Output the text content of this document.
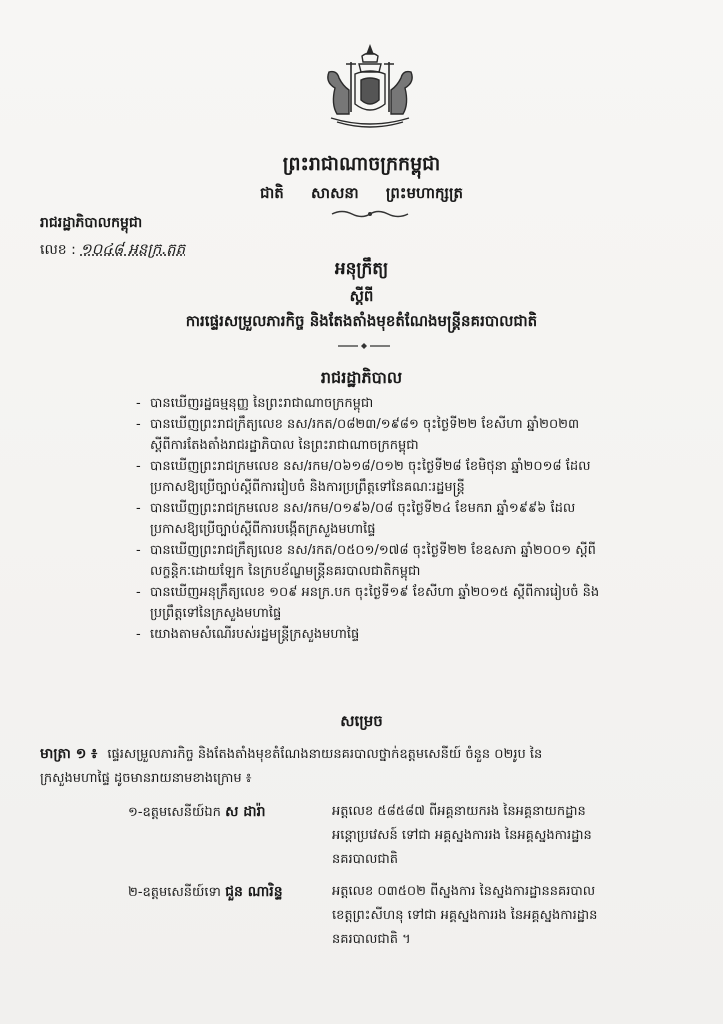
ព្រះរាជាណាចក្រកម្ពុជា
ជាតិ សាសនា ព្រះមហាក្សត្រ
រាជរដ្ឋាភិបាលកម្ពុជា
លេខ : ១០៤៨ អនក្រ.តត
អនុក្រឹត្យ
ស្តីពី
ការផ្ទេរសម្រួលភារកិច្ច និងតែងតាំងមុខតំណែងមន្ត្រីនគរបាលជាតិ
រាជរដ្ឋាភិបាល

- បានឃើញរដ្ឋធម្មនុញ្ញ នៃព្រះរាជាណាចក្រកម្ពុជា

- បានឃើញព្រះរាជក្រឹត្យលេខ នស/រកត/០៨២៣/១៩៨១ ចុះថ្ងៃទី២២ ខែសីហា ឆ្នាំ២០២៣

ស្តីពីការតែងតាំងរាជរដ្ឋាភិបាល នៃព្រះរាជាណាចក្រកម្ពុជា

- បានឃើញព្រះរាជក្រមលេខ នស/រកម/០៦១៨/០១២ ចុះថ្ងៃទី២៨ ខែមិថុនា ឆ្នាំ២០១៨ ដែល

ប្រកាសឱ្យប្រើច្បាប់ស្តីពីការរៀបចំ និងការប្រព្រឹត្តទៅនៃគណៈរដ្ឋមន្ត្រី

- បានឃើញព្រះរាជក្រមលេខ នស/រកម/០១៩៦/០៨ ចុះថ្ងៃទី២៤ ខែមករា ឆ្នាំ១៩៩៦ ដែល

ប្រកាសឱ្យប្រើច្បាប់ស្តីពីការបង្កើតក្រសួងមហាផ្ទៃ

- បានឃើញព្រះរាជក្រឹត្យលេខ នស/រកត/០៥០១/១៧៨ ចុះថ្ងៃទី២២ ខែឧសភា ឆ្នាំ២០០១ ស្តីពី

លក្ខន្តិកៈដោយឡែក នៃក្របខ័ណ្ឌមន្ត្រីនគរបាលជាតិកម្ពុជា

- បានឃើញអនុក្រឹត្យលេខ ១០៩ អនក្រ.បក ចុះថ្ងៃទី១៩ ខែសីហា ឆ្នាំ២០១៥ ស្តីពីការរៀបចំ និង

ប្រព្រឹត្តទៅនៃក្រសួងមហាផ្ទៃ

- យោងតាមសំណើរបស់រដ្ឋមន្ត្រីក្រសួងមហាផ្ទៃ

សម្រេច
មាត្រា ១ ៖ ផ្ទេរសម្រួលភារកិច្ច និងតែងតាំងមុខតំណែងនាយនគរបាលថ្នាក់ឧត្តមសេនីយ៍ ចំនួន ០២រូប នៃ
ក្រសួងមហាផ្ទៃ ដូចមានរាយនាមខាងក្រោម ៖
១-ឧត្តមសេនីយ៍ឯក ស ដារ៉ា	អត្តលេខ ៥៨៥៨៧ ពីអគ្គនាយករង នៃអគ្គនាយកដ្ឋាន

អន្តោប្រវេសន៍ ទៅជា អគ្គស្នងការរង នៃអគ្គស្នងការដ្ឋាន

នគរបាលជាតិ

២-ឧត្តមសេនីយ៍ទោ ជួន ណារិន្ទ	អត្តលេខ ០៣៥០២ ពីស្នងការ នៃស្នងការដ្ឋាននគរបាល

ខេត្តព្រះសីហនុ ទៅជា អគ្គស្នងការរង នៃអគ្គស្នងការដ្ឋាន

នគរបាលជាតិ ។
